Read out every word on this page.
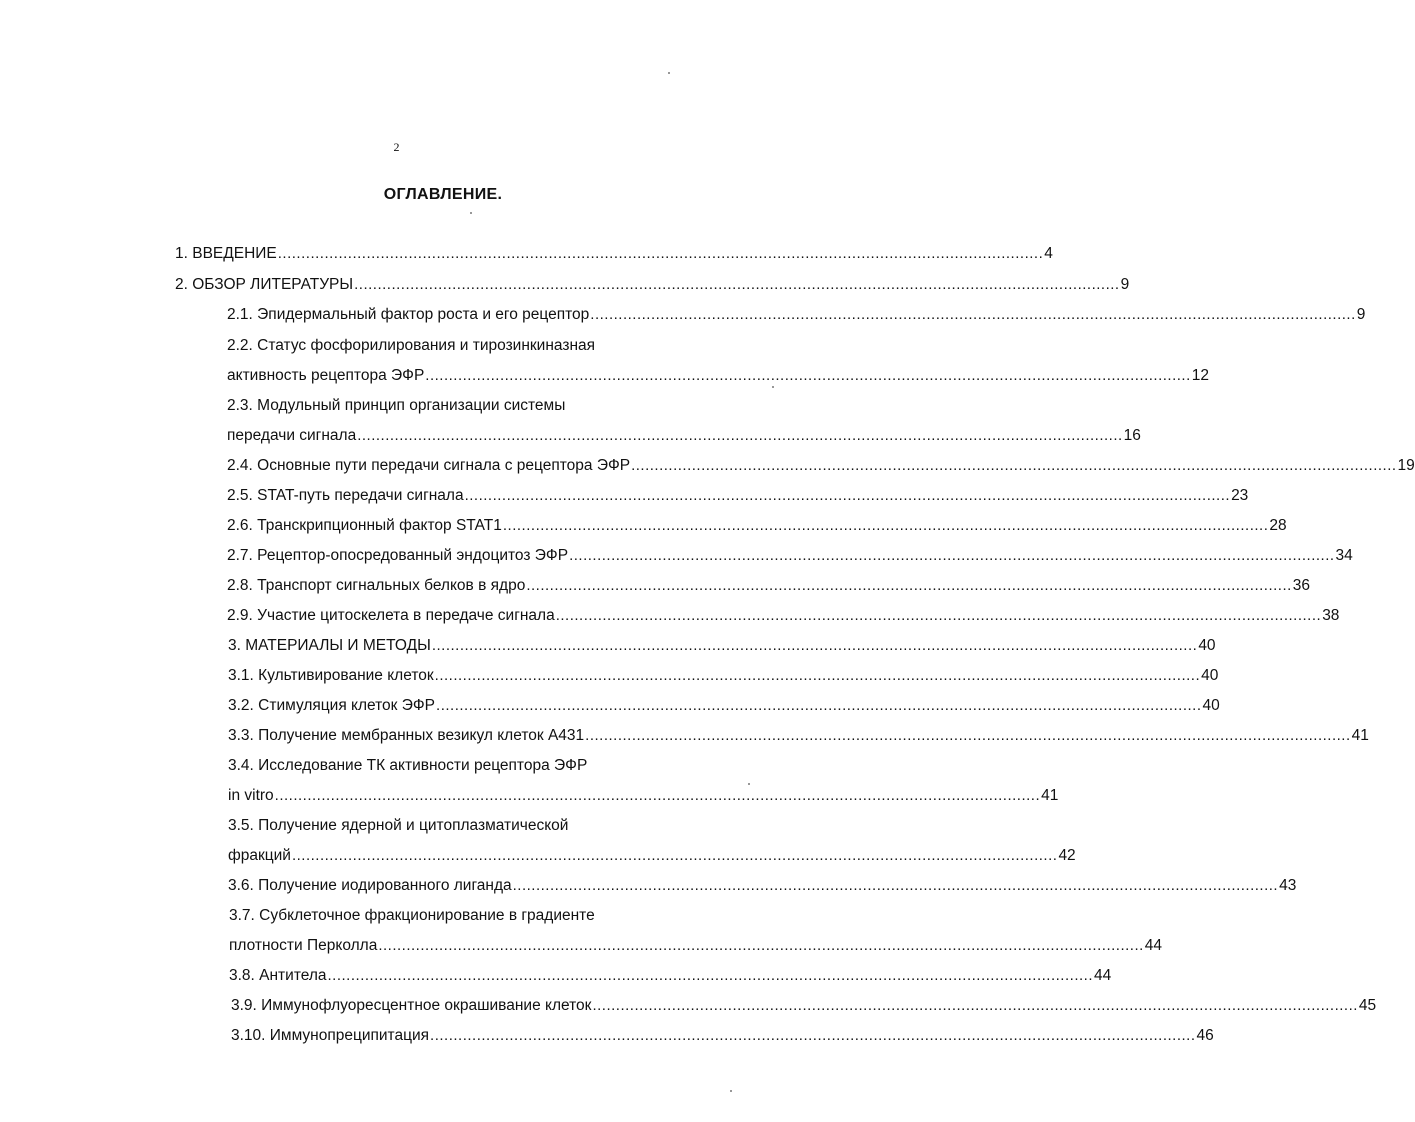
2
ОГЛАВЛЕНИЕ.
1. ВВЕДЕНИЕ .................................................................................................................................................................... 4
2. ОБЗОР ЛИТЕРАТУРЫ .................................................................................................................................................................... 9
2.1. Эпидермальный фактор роста и его рецептор .................................................................................................................................................................... 9
2.2. Статус фосфорилирования и тирозинкиназная
активность рецептора ЭФР .................................................................................................................................................................... 12
2.3. Модульный принцип организации системы
передачи сигнала .................................................................................................................................................................... 16
2.4. Основные пути передачи сигнала с рецептора ЭФР .................................................................................................................................................................... 19
2.5. STAT-путь передачи сигнала .................................................................................................................................................................... 23
2.6. Транскрипционный фактор STAT1 .................................................................................................................................................................... 28
2.7. Рецептор-опосредованный эндоцитоз ЭФР .................................................................................................................................................................... 34
2.8. Транспорт сигнальных белков в ядро .................................................................................................................................................................... 36
2.9. Участие цитоскелета в передаче сигнала .................................................................................................................................................................... 38
3. МАТЕРИАЛЫ И МЕТОДЫ .................................................................................................................................................................... 40
3.1. Культивирование клеток .................................................................................................................................................................... 40
3.2. Стимуляция клеток ЭФР .................................................................................................................................................................... 40
3.3. Получение мембранных везикул клеток А431 .................................................................................................................................................................... 41
3.4. Исследование ТК активности рецептора ЭФР
in vitro .................................................................................................................................................................... 41
3.5. Получение ядерной и цитоплазматической
фракций .................................................................................................................................................................... 42
3.6. Получение иодированного лиганда .................................................................................................................................................................... 43
3.7. Субклеточное фракционирование в градиенте
плотности Перколла .................................................................................................................................................................... 44
3.8. Антитела .................................................................................................................................................................... 44
3.9. Иммунофлуоресцентное окрашивание клеток .................................................................................................................................................................... 45
3.10. Иммунопреципитация .................................................................................................................................................................... 46
